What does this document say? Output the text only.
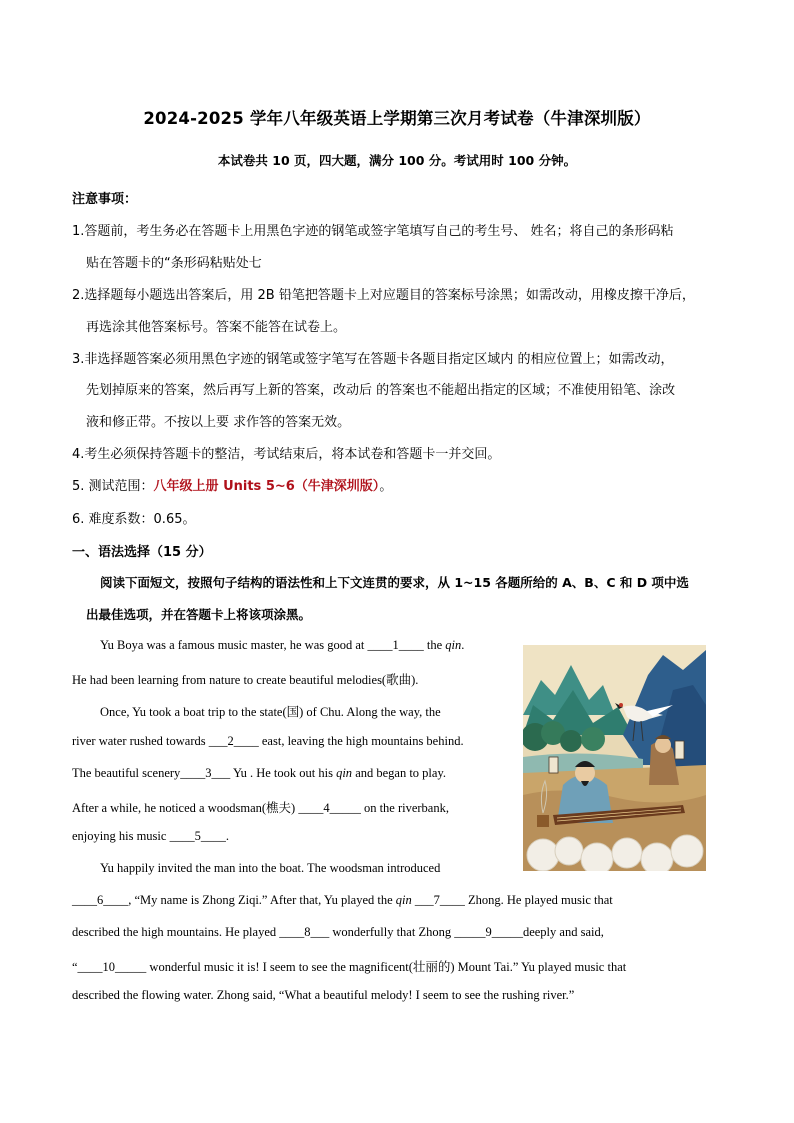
2024-2025 学年八年级英语上学期第三次月考试卷（牛津深圳版）
本试卷共 10 页，四大题，满分 100 分。考试用时 100 分钟。
注意事项：
1.答题前，考生务必在答题卡上用黑色字迹的钢笔或签字笔填写自己的考生号、 姓名；将自己的条形码粘
贴在答题卡的“条形码粘贴处七
2.选择题每小题选出答案后，用 2B 铅笔把答题卡上对应题目的答案标号涂黑；如需改动，用橡皮擦干净后，
再选涂其他答案标号。答案不能答在试卷上。
3.非选择题答案必须用黑色字迹的钢笔或签字笔写在答题卡各题目指定区域内 的相应位置上；如需改动，
先划掉原来的答案，然后再写上新的答案，改动后 的答案也不能超出指定的区域；不准使用铅笔、涂改
液和修正带。不按以上要 求作答的答案无效。
4.考生必须保持答题卡的整洁，考试结束后，将本试卷和答题卡一并交回。
5. 测试范围：八年级上册 Units 5~6（牛津深圳版）。
6. 难度系数：0.65。
一、语法选择（15 分）
阅读下面短文，按照句子结构的语法性和上下文连贯的要求，从 1~15 各题所给的 A、B、C 和 D 项中选
出最佳选项，并在答题卡上将该项涂黑。
Yu Boya was a famous music master, he was good at ____1____ the qin.
He had been learning from nature to create beautiful melodies(歌曲).
Once, Yu took a boat trip to the state(国) of Chu. Along the way, the
river water rushed towards ___2____ east, leaving the high mountains behind.
The beautiful scenery____3___ Yu . He took out his qin and began to play.
After a while, he noticed a woodsman(樵夫) ____4_____ on the riverbank,
enjoying his music ____5____.
Yu happily invited the man into the boat. The woodsman introduced
____6____, “My name is Zhong Ziqi.” After that, Yu played the qin ___7____ Zhong. He played music that
described the high mountains. He played ____8___ wonderfully that Zhong _____9_____deeply and said,
“____10_____ wonderful music it is! I seem to see the magnificent(壮丽的) Mount Tai.” Yu played music that
described the flowing water. Zhong said, “What a beautiful melody! I seem to see the rushing river.”
